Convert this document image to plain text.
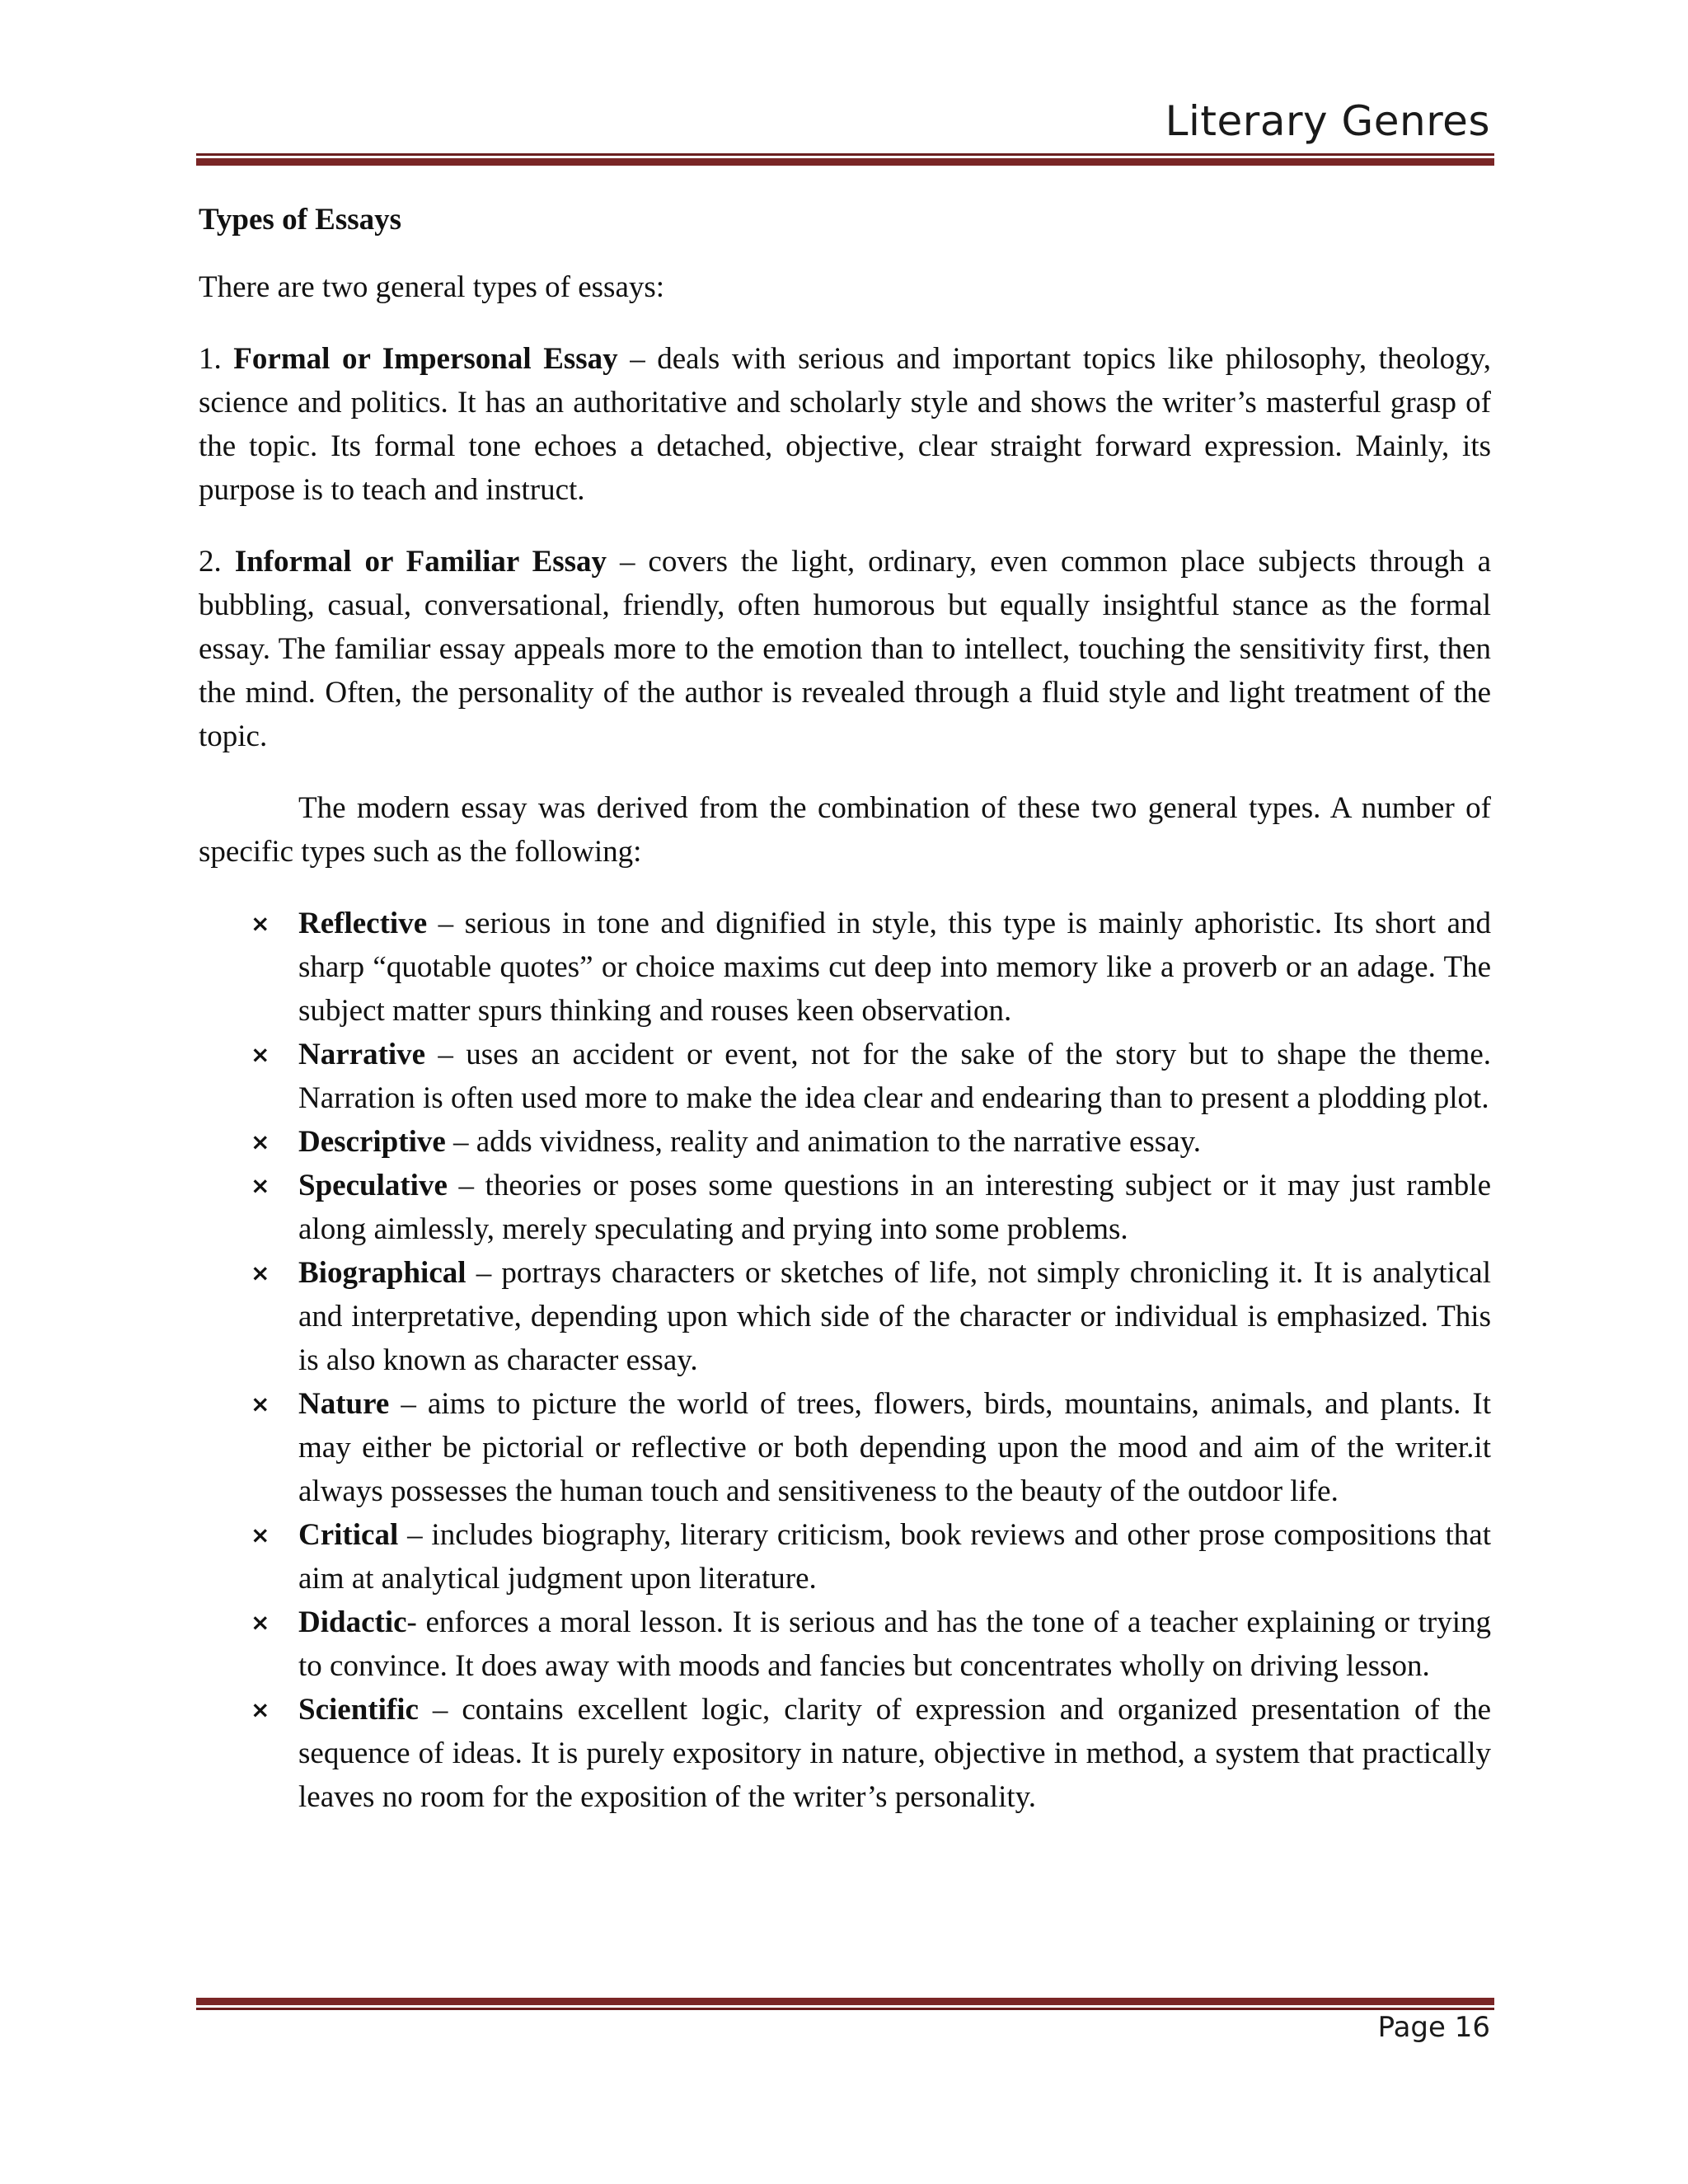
Literary Genres
Types of Essays

There are two general types of essays:

1. Formal or Impersonal Essay – deals with serious and important topics like philosophy, theology, science and politics. It has an authoritative and scholarly style and shows the writer’s masterful grasp of the topic. Its formal tone echoes a detached, objective, clear straight forward expression. Mainly, its purpose is to teach and instruct.

2. Informal or Familiar Essay – covers the light, ordinary, even common place subjects through a bubbling, casual, conversational, friendly, often humorous but equally insightful stance as the formal essay. The familiar essay appeals more to the emotion than to intellect, touching the sensitivity first, then the mind. Often, the personality of the author is revealed through a fluid style and light treatment of the topic.

The modern essay was derived from the combination of these two general types. A number of specific types such as the following:

× Reflective – serious in tone and dignified in style, this type is mainly aphoristic. Its short and sharp “quotable quotes” or choice maxims cut deep into memory like a proverb or an adage. The subject matter spurs thinking and rouses keen observation.
× Narrative – uses an accident or event, not for the sake of the story but to shape the theme. Narration is often used more to make the idea clear and endearing than to present a plodding plot.
× Descriptive – adds vividness, reality and animation to the narrative essay.
× Speculative – theories or poses some questions in an interesting subject or it may just ramble along aimlessly, merely speculating and prying into some problems.
× Biographical – portrays characters or sketches of life, not simply chronicling it. It is analytical and interpretative, depending upon which side of the character or individual is emphasized. This is also known as character essay.
× Nature – aims to picture the world of trees, flowers, birds, mountains, animals, and plants. It may either be pictorial or reflective or both depending upon the mood and aim of the writer.it always possesses the human touch and sensitiveness to the beauty of the outdoor life.
× Critical – includes biography, literary criticism, book reviews and other prose compositions that aim at analytical judgment upon literature.
× Didactic- enforces a moral lesson. It is serious and has the tone of a teacher explaining or trying to convince. It does away with moods and fancies but concentrates wholly on driving lesson.
× Scientific – contains excellent logic, clarity of expression and organized presentation of the sequence of ideas. It is purely expository in nature, objective in method, a system that practically leaves no room for the exposition of the writer’s personality.
Page 16
